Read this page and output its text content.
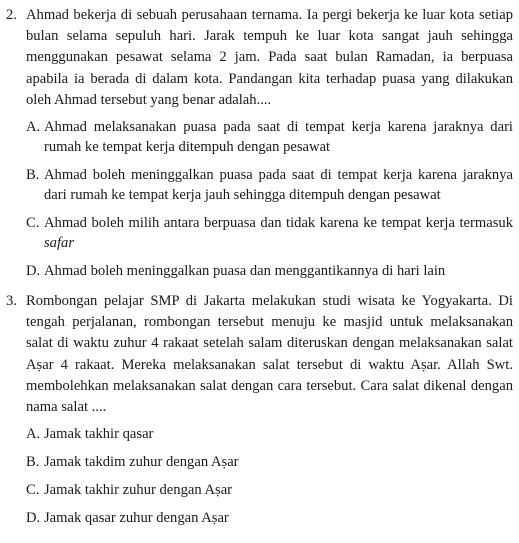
2. Ahmad bekerja di sebuah perusahaan ternama. Ia pergi bekerja ke luar kota setiap bulan selama sepuluh hari. Jarak tempuh ke luar kota sangat jauh sehingga menggunakan pesawat selama 2 jam. Pada saat bulan Ramadan, ia berpuasa apabila ia berada di dalam kota. Pandangan kita terhadap puasa yang dilakukan oleh Ahmad tersebut yang benar adalah....

A. Ahmad melaksanakan puasa pada saat di tempat kerja karena jaraknya dari rumah ke tempat kerja ditempuh dengan pesawat
B. Ahmad boleh meninggalkan puasa pada saat di tempat kerja karena jaraknya dari rumah ke tempat kerja jauh sehingga ditempuh dengan pesawat
C. Ahmad boleh milih antara berpuasa dan tidak karena ke tempat kerja termasuk safar
D. Ahmad boleh meninggalkan puasa dan menggantikannya di hari lain
3. Rombongan pelajar SMP di Jakarta melakukan studi wisata ke Yogyakarta. Di tengah perjalanan, rombongan tersebut menuju ke masjid untuk melaksanakan salat di waktu zuhur 4 rakaat setelah salam diteruskan dengan melaksanakan salat Aṣar 4 rakaat. Mereka melaksanakan salat tersebut di waktu Aṣar. Allah Swt. membolehkan melaksanakan salat dengan cara tersebut. Cara salat dikenal dengan nama salat ....

A. Jamak takhir qasar
B. Jamak takdim zuhur dengan Aṣar
C. Jamak takhir zuhur dengan Aṣar
D. Jamak qasar zuhur dengan Aṣar
